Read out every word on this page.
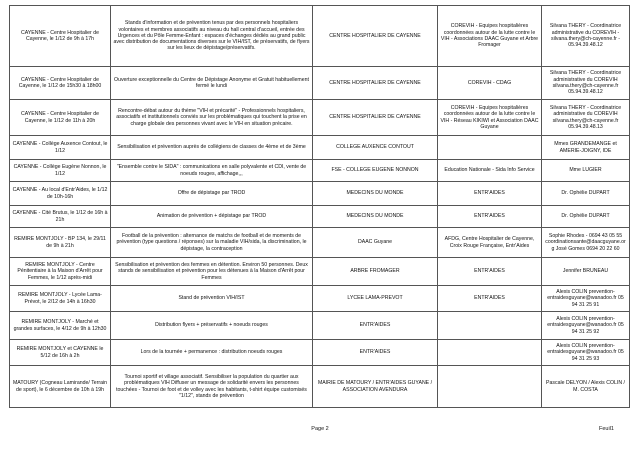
CAYENNE - Centre Hospitalier de Cayenne, le 1/12 de 9h à 17h	Stands d'information et de prévention tenus par des personnels hospitaliers volontaires et membres associatifs au niveau du hall central d'accueil, entrée des Urgences et du Pôle Femme-Enfant : espaces d'échanges dédiés au grand public avec distribution de documentations diverses sur le VIH/IST, de préservatifs, de flyers sur les lieux de dépistage/préservatifs.	CENTRE HOSPITALIER DE CAYENNE	COREVIH - Equipes hospitalières coordonnées autour de la lutte contre le VIH - Associations DAAC Guyane et Arbre Fromager	Silvana THERY - Coordinatrice administrative du COREVIH - silvana.thery@ch-cayenne.fr - 05.94.39.48.12
CAYENNE - Centre Hospitalier de Cayenne, le 1/12 de 15h30 à 18h00	Ouverture exceptionnelle du Centre de Dépistage Anonyme et Gratuit habituellement fermé le lundi	CENTRE HOSPITALIER DE CAYENNE	COREVIH - CDAG	Silvana THERY - Coordinatrice administrative du COREVIH silvana.thery@ch-cayenne.fr 05.94.39.48.12
CAYENNE - Centre Hospitalier de Cayenne, le 1/12 de 11h à 20h	Rencontre-débat autour du thème "VIH et précarité" - Professionnels hospitaliers, associatifs et institutionnels conviés sur les problématiques qui touchent la prise en charge globale des personnes vivant avec le VIH en situation précaire.	CENTRE HOSPITALIER DE CAYENNE	COREVIH - Equipes hospitalières coordonnées autour de la lutte contre le VIH - Réseau KIKIWI et Association DAAC Guyane	Silvana THERY - Coordinatrice administrative du COREVIH silvana.thery@ch-cayenne.fr 05.94.39.48.13
CAYENNE - Collège Auxence Contout, le 1/12	Sensibilisation et prévention auprès de collégiens de classes de 4ème et de 3ème	COLLEGE AUXENCE CONTOUT		Mmes GRANDEMANGE et AMERIE-JOIGNY, IDE
CAYENNE - Collège Eugène Nonnon, le 1/12	"Ensemble contre le SIDA" : communications en salle polyvalente et CDI, vente de noeuds rouges, affichage,,,	FSE - COLLEGE EUGENE NONNON	Education Nationale - Sida Info Service	Mme LUGIER
CAYENNE - Au local d'Entr'Aides, le 1/12 de 10h-16h	Offre de dépistage par TROD	MEDECINS DU MONDE	ENTR'AIDES	Dr. Ophélie DUPART
CAYENNE - Cité Brutus, le 1/12 de 16h à 21h	Animation de prévention + dépistage par TROD	MEDECINS DU MONDE	ENTR'AIDES	Dr. Ophélie DUPART
REMIRE MONTJOLY - BP 134, le 29/11 de 9h à 21h	Football de la prévention : alternance de matchs de football et de moments de prévention (type questions / réponses) sur la maladie VIH/sida, la discrimination, le dépistage, la contraception	DAAC Guyane	AFDG, Centre Hospitalier de Cayenne, Croix Rouge Française, Entr'Aides	Sophie Rhodes - 0694 43 05 55 coordinationsante@daacguyane.org José Gomes 0694 20 22 60
REMIRE MONTJOLY - Centre Pénitentiaire à la Maison d'Arrêt pour Femmes, le 1/12 après-midi	Sensibilisation et prévention des femmes en détention. Environ 50 personnes. Deux stands de sensibilisation et prévention pour les détenues à la Maison d'Arrêt pour Femmes	ARBRE FROMAGER	ENTR'AIDES	Jennifer BRUNEAU
REMIRE MONTJOLY - Lycée Lama-Prévot, le 2/12 de 14h à 16h30	Stand de prévention VIH/IST	LYCEE LAMA-PREVOT	ENTR'AIDES	Alexis COLIN prevention-entraidesguyane@wanadoo.fr 05 94 31 25 91
REMIRE MONTJOLY - Marché et grandes surfaces, le 4/12 de 9h à 12h30	Distribution flyers + préservatifs + noeuds rouges	ENTR'AIDES		Alexis COLIN prevention-entraidesguyane@wanadoo.fr 05 94 31 25 92
REMIRE MONTJOLY et CAYENNE le 5/12 de 16h à 2h	Lors de la tournée + permanence : distribution noeuds rouges	ENTR'AIDES		Alexis COLIN prevention-entraidesguyane@wanadoo.fr 05 94 31 25 93
MATOURY (Cogneau Lamirande/ Terrain de sport), le 6 décembre de 10h à 19h	Tournoi sportif et village associatif. Sensibiliser la population du quartier aux problématiques VIH Diffuser un message de solidarité envers les personnes touchées - Tournoi de foot et de volley avec les habitants, t-shirt équipe customisés "1/12", stands de prévention	MAIRIE DE MATOURY / ENTR'AIDES GUYANE / ASSOCIATION AVENDURA		Pascale DELYON / Alexis COLIN / M. COSTA
Page 2	Feuil1
